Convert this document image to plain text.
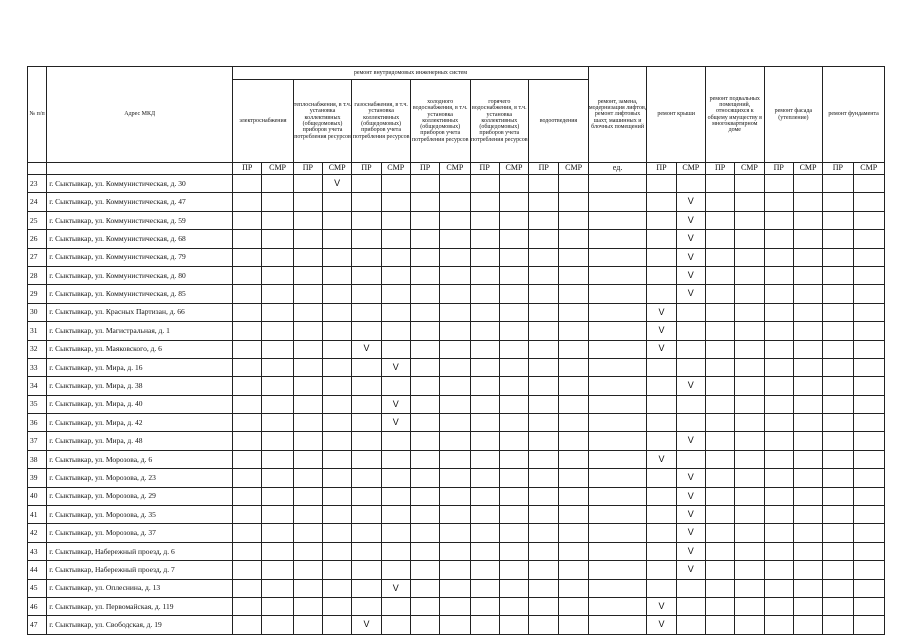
№ п/п	Адрес МКД	ремонт внутридомовых инженерных систем												ремонт, замена, модернизация лифтов, ремонт лифтовых шахт, машинных и блочных помещений	ремонт крыши		ремонт подвальных помещений, относящихся к общему имуществу в многоквартирном доме		ремонт фасада (утепление)		ремонт фундамента	
		электроснабжения		теплоснабжения, в т.ч. установка коллективных (общедомовых) приборов учета потребления ресурсов		газоснабжения, в т.ч. установка коллективных (общедомовых) приборов учета потребления ресурсов		холодного водоснабжения, в т.ч. установка коллективных (общедомовых) приборов учета потребления ресурсов		горячего водоснабжения, в т.ч. установка коллективных (общедомовых) приборов учета потребления ресурсов		водоотведения										
		ПР	СМР	ПР	СМР	ПР	СМР	ПР	СМР	ПР	СМР	ПР	СМР	ед.	ПР	СМР	ПР	СМР	ПР	СМР	ПР	СМР
23	г. Сыктывкар, ул. Коммунистическая, д. 30				V																	
24	г. Сыктывкар, ул. Коммунистическая, д. 47															V						
25	г. Сыктывкар, ул. Коммунистическая, д. 59															V						
26	г. Сыктывкар, ул. Коммунистическая, д. 68															V						
27	г. Сыктывкар, ул. Коммунистическая, д. 79															V						
28	г. Сыктывкар, ул. Коммунистическая, д. 80															V						
29	г. Сыктывкар, ул. Коммунистическая, д. 85															V						
30	г. Сыктывкар, ул. Красных Партизан, д. 66														V							
31	г. Сыктывкар, ул. Магистральная, д. 1														V							
32	г. Сыктывкар, ул. Маяковского, д. 6					V									V							
33	г. Сыктывкар, ул. Мира, д. 16						V															
34	г. Сыктывкар, ул. Мира, д. 38															V						
35	г. Сыктывкар, ул. Мира, д. 40						V															
36	г. Сыктывкар, ул. Мира, д. 42						V															
37	г. Сыктывкар, ул. Мира, д. 48															V						
38	г. Сыктывкар, ул. Морозова, д. 6														V							
39	г. Сыктывкар, ул. Морозова, д. 23															V						
40	г. Сыктывкар, ул. Морозова, д. 29															V						
41	г. Сыктывкар, ул. Морозова, д. 35															V						
42	г. Сыктывкар, ул. Морозова, д. 37															V						
43	г. Сыктывкар, Набережный проезд, д. 6															V						
44	г. Сыктывкар, Набережный проезд, д. 7															V						
45	г. Сыктывкар, ул. Оплеснина, д. 13						V															
46	г. Сыктывкар, ул. Первомайская, д. 119														V							
47	г. Сыктывкар, ул. Свободская, д. 19					V									V							
